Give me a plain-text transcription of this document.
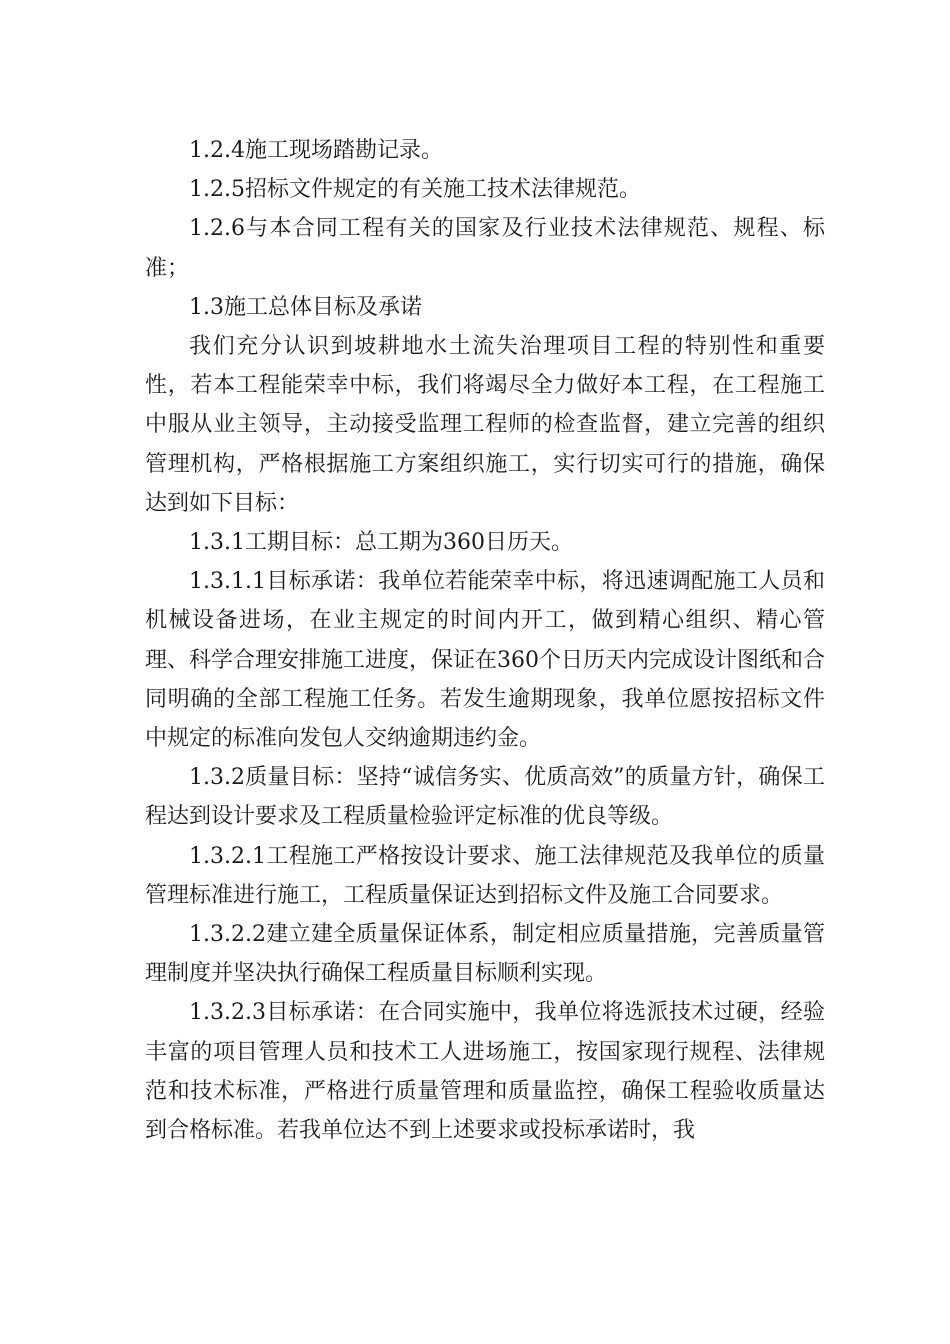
1.2.4施工现场踏勘记录。

1.2.5招标文件规定的有关施工技术法律规范。

1.2.6与本合同工程有关的国家及行业技术法律规范、规程、标准；

1.3施工总体目标及承诺

我们充分认识到坡耕地水土流失治理项目工程的特别性和重要性，若本工程能荣幸中标，我们将竭尽全力做好本工程，在工程施工中服从业主领导，主动接受监理工程师的检查监督，建立完善的组织管理机构，严格根据施工方案组织施工，实行切实可行的措施，确保达到如下目标：

1.3.1工期目标：总工期为360日历天。

1.3.1.1目标承诺：我单位若能荣幸中标，将迅速调配施工人员和机械设备进场，在业主规定的时间内开工，做到精心组织、精心管理、科学合理安排施工进度，保证在360个日历天内完成设计图纸和合同明确的全部工程施工任务。若发生逾期现象，我单位愿按招标文件中规定的标准向发包人交纳逾期违约金。

1.3.2质量目标：坚持“诚信务实、优质高效”的质量方针，确保工程达到设计要求及工程质量检验评定标准的优良等级。

1.3.2.1工程施工严格按设计要求、施工法律规范及我单位的质量管理标准进行施工，工程质量保证达到招标文件及施工合同要求。

1.3.2.2建立建全质量保证体系，制定相应质量措施，完善质量管理制度并坚决执行确保工程质量目标顺利实现。

1.3.2.3目标承诺：在合同实施中，我单位将选派技术过硬，经验丰富的项目管理人员和技术工人进场施工，按国家现行规程、法律规范和技术标准，严格进行质量管理和质量监控，确保工程验收质量达到合格标准。若我单位达不到上述要求或投标承诺时，我
